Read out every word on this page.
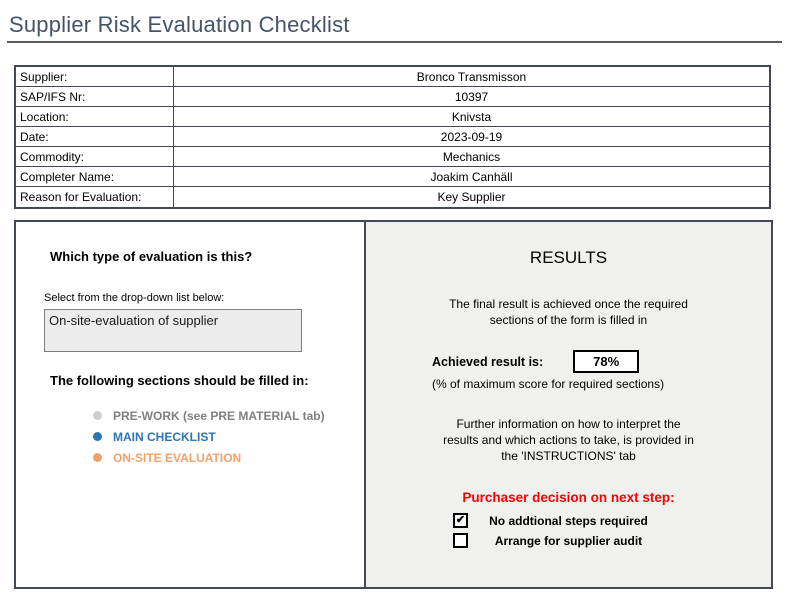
Supplier Risk Evaluation Checklist
Supplier:	Bronco Transmisson
SAP/IFS Nr:	10397
Location:	Knivsta
Date:	2023-09-19
Commodity:	Mechanics
Completer Name:	Joakim Canhäll
Reason for Evaluation:	Key Supplier
Which type of evaluation is this?
Select from the drop-down list below:
On-site-evaluation of supplier
The following sections should be filled in:
PRE-WORK (see PRE MATERIAL tab)
MAIN CHECKLIST
ON-SITE EVALUATION
RESULTS
The final result is achieved once the required
sections of the form is filled in
Achieved result is:	78%
(% of maximum score for required sections)
Further information on how to interpret the
results and which actions to take, is provided in
the 'INSTRUCTIONS' tab
Purchaser decision on next step:
✔	No addtional steps required
Arrange for supplier audit
